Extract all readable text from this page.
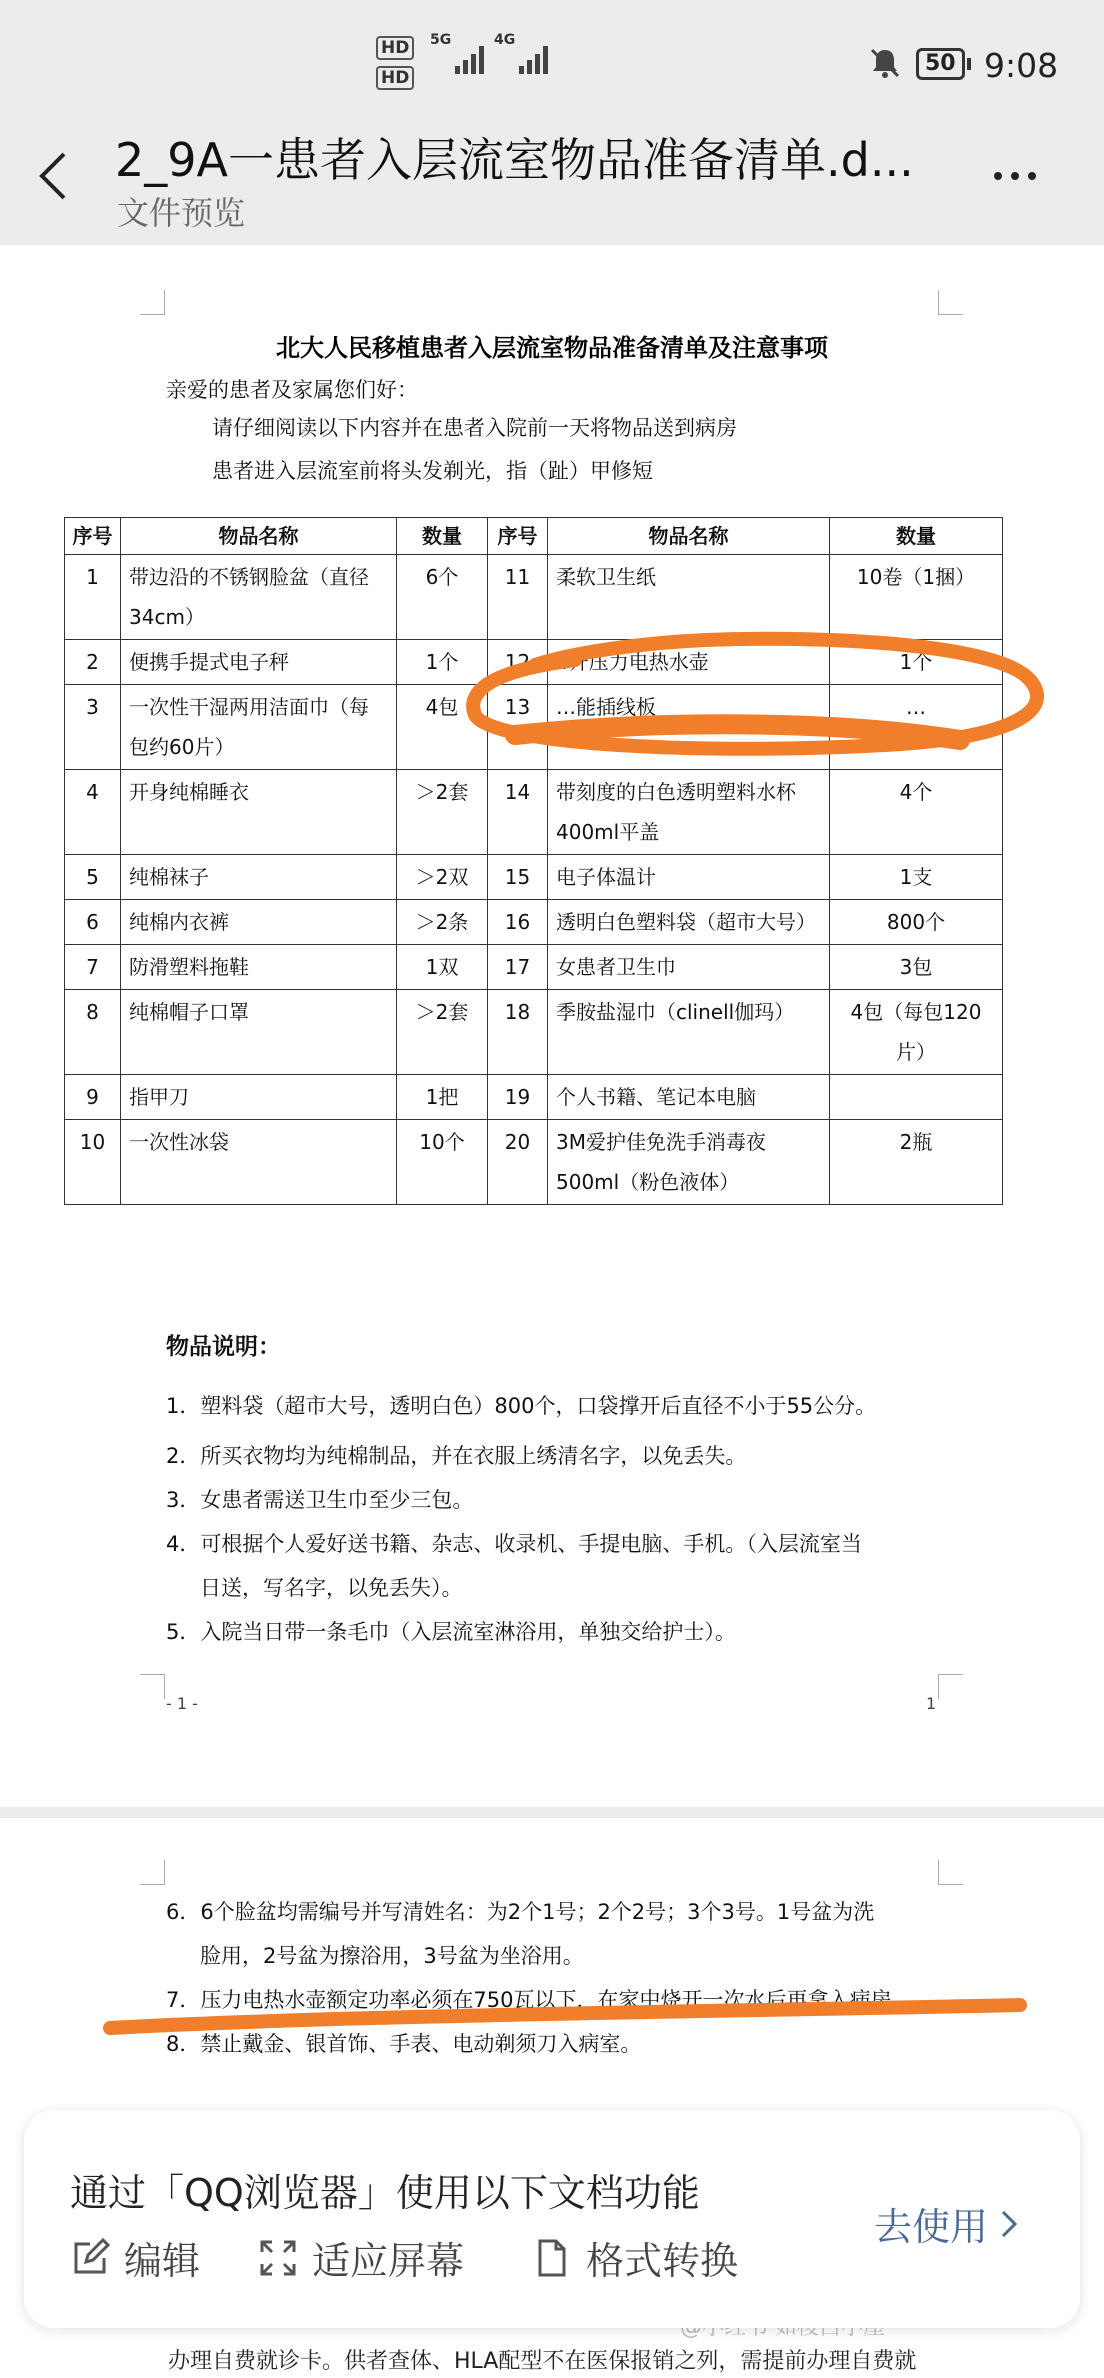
HD
HD
5G	4G
50 9:08
2_9A一患者入层流室物品准备清单.d...
文件预览
北大人民移植患者入层流室物品准备清单及注意事项
亲爱的患者及家属您们好：
请仔细阅读以下内容并在患者入院前一天将物品送到病房
患者进入层流室前将头发剃光，指（趾）甲修短
序号	物品名称	数量	序号	物品名称	数量
1	带边沿的不锈钢脸盆（直径34cm）	6个	11	柔软卫生纸	10卷（1捆）
2	便携手提式电子秤	1个	12	4升压力电热水壶	1个
3	一次性干湿两用洁面巾（每包约60片）	4包	13	…能插线板	…
4	开身纯棉睡衣	＞2套	14	带刻度的白色透明塑料水杯400ml平盖	4个
5	纯棉袜子	＞2双	15	电子体温计	1支
6	纯棉内衣裤	＞2条	16	透明白色塑料袋（超市大号）	800个
7	防滑塑料拖鞋	1双	17	女患者卫生巾	3包
8	纯棉帽子口罩	＞2套	18	季胺盐湿巾（clinell伽玛）	4包（每包120片）
9	指甲刀	1把	19	个人书籍、笔记本电脑	
10	一次性冰袋	10个	20	3M爱护佳免洗手消毒夜500ml（粉色液体）	2瓶
物品说明：
1．塑料袋（超市大号，透明白色）800个，口袋撑开后直径不小于55公分。
2．所买衣物均为纯棉制品，并在衣服上绣清名字，以免丢失。
3．女患者需送卫生巾至少三包。
4．可根据个人爱好送书籍、杂志、收录机、手提电脑、手机。（入层流室当
日送，写名字，以免丢失）。
5．入院当日带一条毛巾（入层流室淋浴用，单独交给护士）。
- 1 -	1
6．6个脸盆均需编号并写清姓名：为2个1号；2个2号；3个3号。1号盆为洗
脸用，2号盆为擦浴用，3号盆为坐浴用。
7．压力电热水壶额定功率必须在750瓦以下，在家中烧开一次水后再拿入病房
8．禁止戴金、银首饰、手表、电动剃须刀入病室。
办理自费就诊卡。供者查体、HLA配型不在医保报销之列，需提前办理自费就
通过「QQ浏览器」使用以下文档功能
编辑	适应屏幕	格式转换
去使用
